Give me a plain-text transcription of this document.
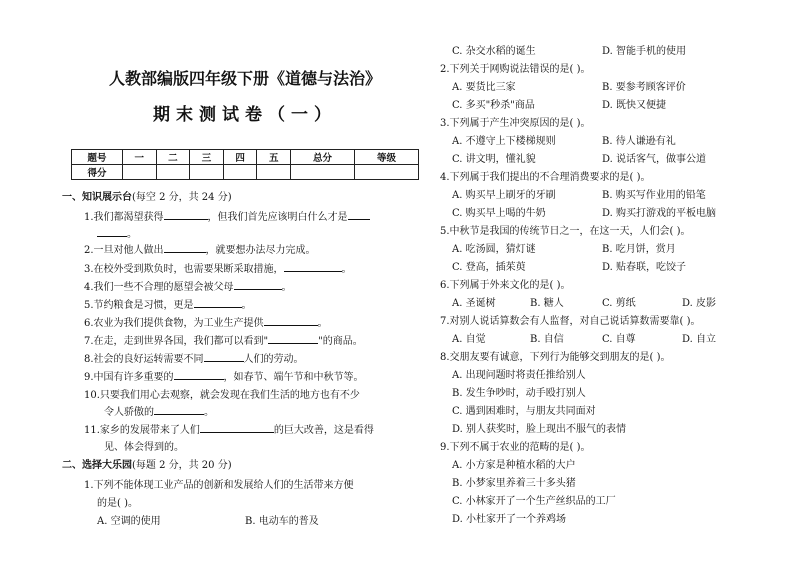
人教部编版四年级下册《道德与法治》
期末测试卷（一）
题号	一	二	三	四	五	总分	等级
得分							
一、知识展示台(每空 2 分，共 24 分)
1.我们都渴望获得	，但我们首先应该明白什么才是
。
2.一旦对他人做出	，就要想办法尽力完成。
3.在校外受到欺负时，也需要果断采取措施，	。
4.我们一些不合理的愿望会被父母	。
5.节约粮食是习惯，更是	。
6.农业为我们提供食物，为工业生产提供	。
7.在走，走到世界各国，我们都可以看到"	"的商品。
8.社会的良好运转需要不同	人们的劳动。
9.中国有许多重要的	，如春节、端午节和中秋节等。
10.只要我们用心去观察，就会发现在我们生活的地方也有不少
令人骄傲的	。
11.家乡的发展带来了人们	的巨大改善，这是看得
见、体会得到的。
二、选择大乐园(每题 2 分，共 20 分)
1.下列不能体现工业产品的创新和发展给人们的生活带来方便
的是( )。
A. 空调的使用	B. 电动车的普及
C. 杂交水稻的诞生	D. 智能手机的使用
2.下列关于网购说法错误的是( )。
A. 要货比三家	B. 要参考顾客评价
C. 多买"秒杀"商品	D. 既快又便捷
3.下列属于产生冲突原因的是( )。
A. 不遵守上下楼梯规则	B. 待人谦逊有礼
C. 讲文明，懂礼貌	D. 说话客气，做事公道
4.下列属于我们提出的不合理消费要求的是( )。
A. 购买早上刷牙的牙刷	B. 购买写作业用的铅笔
C. 购买早上喝的牛奶	D. 购买打游戏的平板电脑
5.中秋节是我国的传统节日之一，在这一天，人们会( )。
A. 吃汤圆，猜灯谜	B. 吃月饼，赏月
C. 登高，插茱萸	D. 贴春联，吃饺子
6.下列属于外来文化的是( )。
A. 圣诞树	B. 糖人	C. 剪纸	D. 皮影
7.对别人说话算数会有人监督，对自己说话算数需要靠( )。
A. 自觉	B. 自信	C. 自尊	D. 自立
8.交朋友要有诚意，下列行为能够交到朋友的是( )。
A. 出现问题时将责任推给别人
B. 发生争吵时，动手殴打别人
C. 遇到困难时，与朋友共同面对
D. 别人获奖时，脸上现出不服气的表情
9.下列不属于农业的范畴的是( )。
A. 小方家是种植水稻的大户
B. 小梦家里养着三十多头猪
C. 小林家开了一个生产丝织品的工厂
D. 小杜家开了一个养鸡场
